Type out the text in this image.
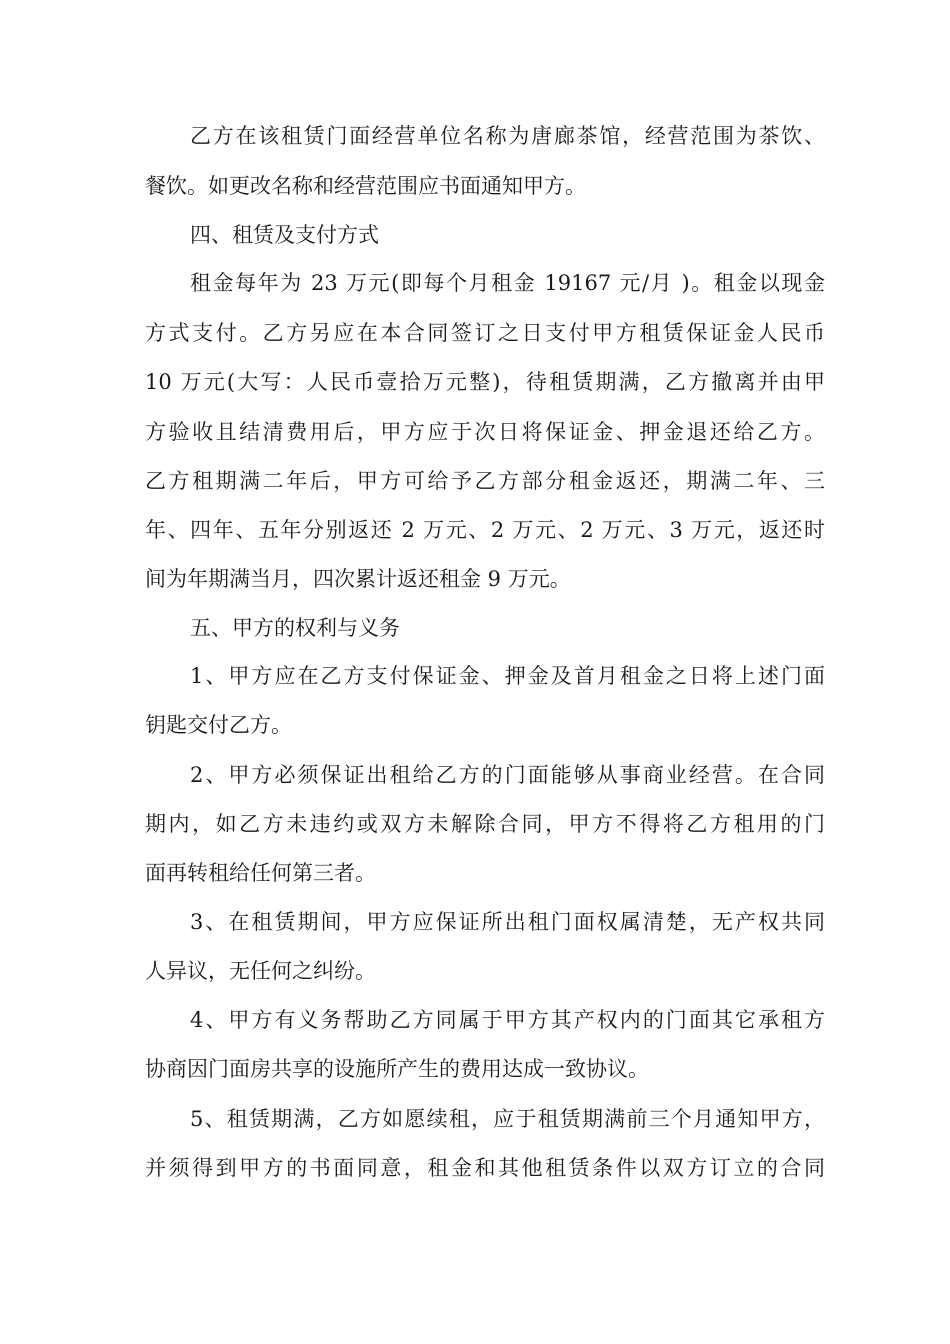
乙方在该租赁门面经营单位名称为唐廊茶馆，经营范围为茶饮、
餐饮。如更改名称和经营范围应书面通知甲方。
四、租赁及支付方式
租金每年为 23 万元(即每个月租金 19167 元/月 )。租金以现金
方式支付。乙方另应在本合同签订之日支付甲方租赁保证金人民币
10 万元(大写：人民币壹拾万元整)，待租赁期满，乙方撤离并由甲
方验收且结清费用后，甲方应于次日将保证金、押金退还给乙方。
乙方租期满二年后，甲方可给予乙方部分租金返还，期满二年、三
年、四年、五年分别返还 2 万元、2 万元、2 万元、3 万元，返还时
间为年期满当月，四次累计返还租金 9 万元。
五、甲方的权利与义务
1、甲方应在乙方支付保证金、押金及首月租金之日将上述门面
钥匙交付乙方。
2、甲方必须保证出租给乙方的门面能够从事商业经营。在合同
期内，如乙方未违约或双方未解除合同，甲方不得将乙方租用的门
面再转租给任何第三者。
3、在租赁期间，甲方应保证所出租门面权属清楚，无产权共同
人异议，无任何之纠纷。
4、甲方有义务帮助乙方同属于甲方其产权内的门面其它承租方
协商因门面房共享的设施所产生的费用达成一致协议。
5、租赁期满，乙方如愿续租，应于租赁期满前三个月通知甲方，
并须得到甲方的书面同意，租金和其他租赁条件以双方订立的合同
